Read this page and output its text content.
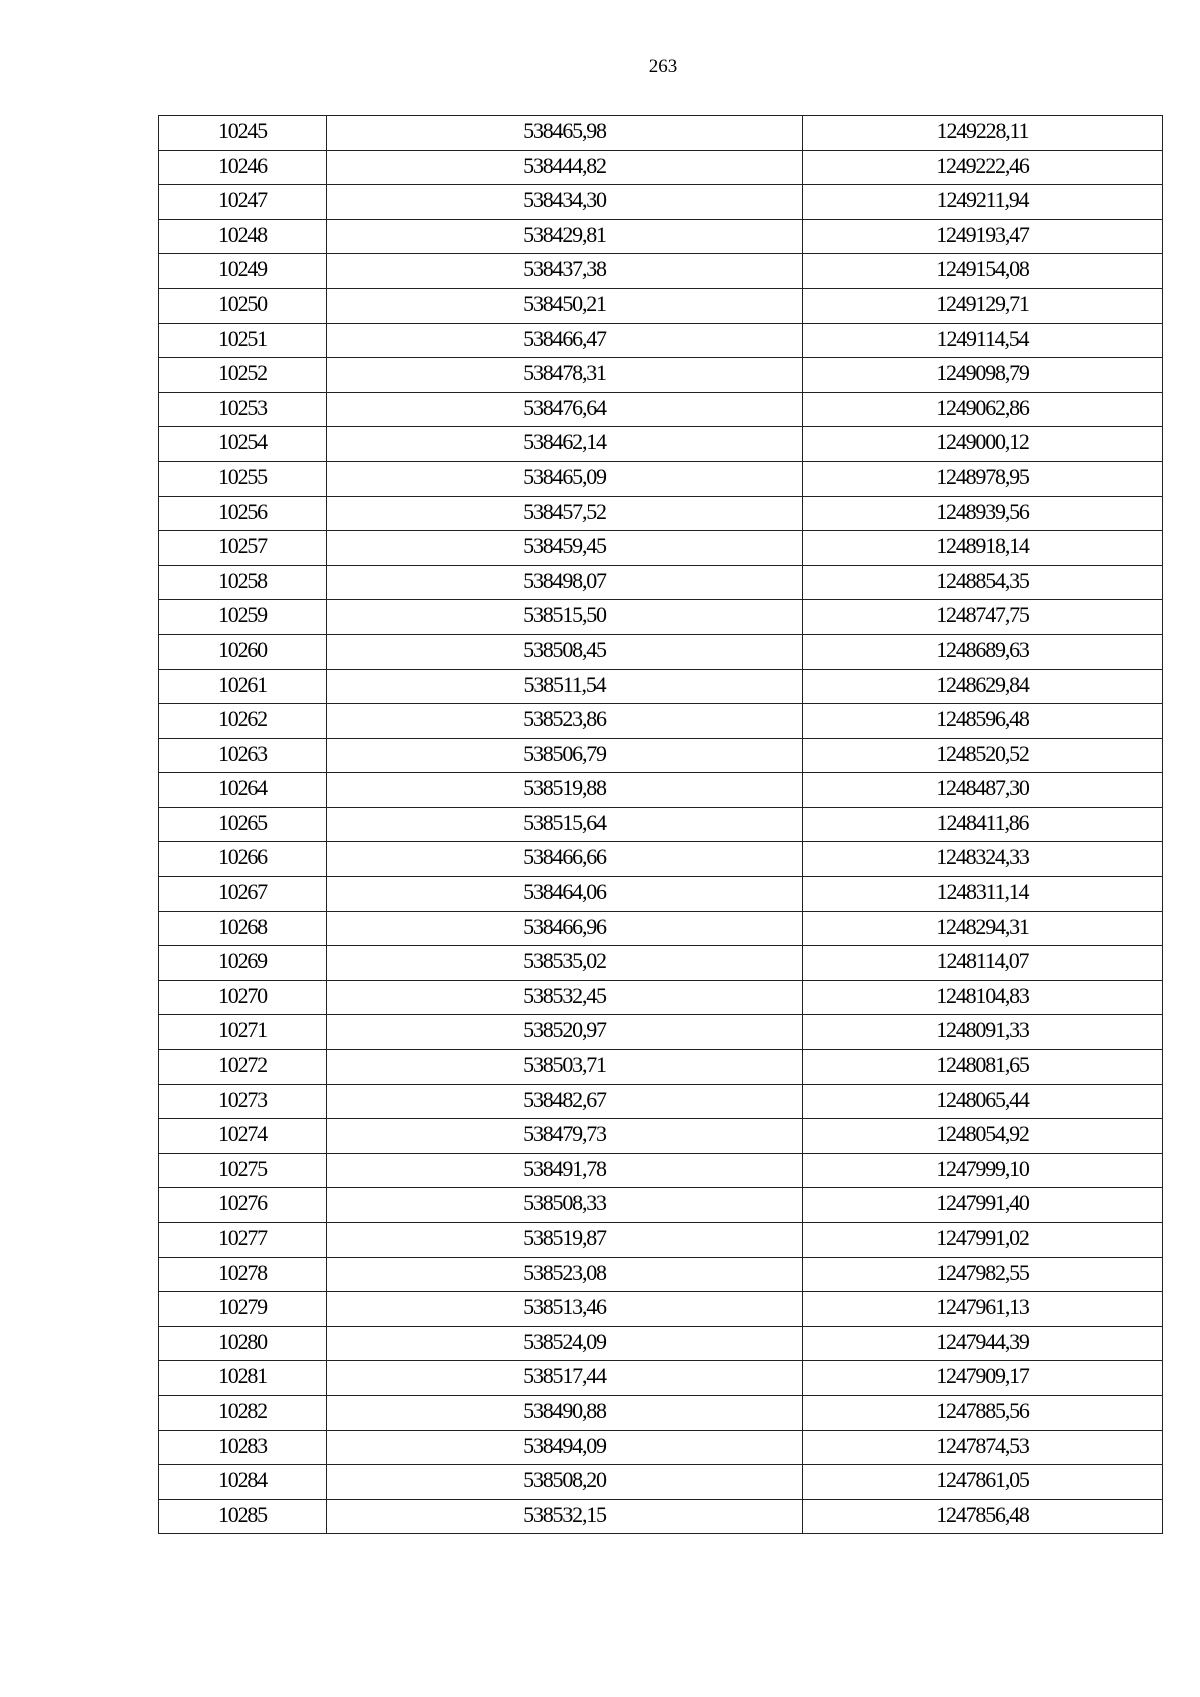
263
10245	538465,98	1249228,11
10246	538444,82	1249222,46
10247	538434,30	1249211,94
10248	538429,81	1249193,47
10249	538437,38	1249154,08
10250	538450,21	1249129,71
10251	538466,47	1249114,54
10252	538478,31	1249098,79
10253	538476,64	1249062,86
10254	538462,14	1249000,12
10255	538465,09	1248978,95
10256	538457,52	1248939,56
10257	538459,45	1248918,14
10258	538498,07	1248854,35
10259	538515,50	1248747,75
10260	538508,45	1248689,63
10261	538511,54	1248629,84
10262	538523,86	1248596,48
10263	538506,79	1248520,52
10264	538519,88	1248487,30
10265	538515,64	1248411,86
10266	538466,66	1248324,33
10267	538464,06	1248311,14
10268	538466,96	1248294,31
10269	538535,02	1248114,07
10270	538532,45	1248104,83
10271	538520,97	1248091,33
10272	538503,71	1248081,65
10273	538482,67	1248065,44
10274	538479,73	1248054,92
10275	538491,78	1247999,10
10276	538508,33	1247991,40
10277	538519,87	1247991,02
10278	538523,08	1247982,55
10279	538513,46	1247961,13
10280	538524,09	1247944,39
10281	538517,44	1247909,17
10282	538490,88	1247885,56
10283	538494,09	1247874,53
10284	538508,20	1247861,05
10285	538532,15	1247856,48
